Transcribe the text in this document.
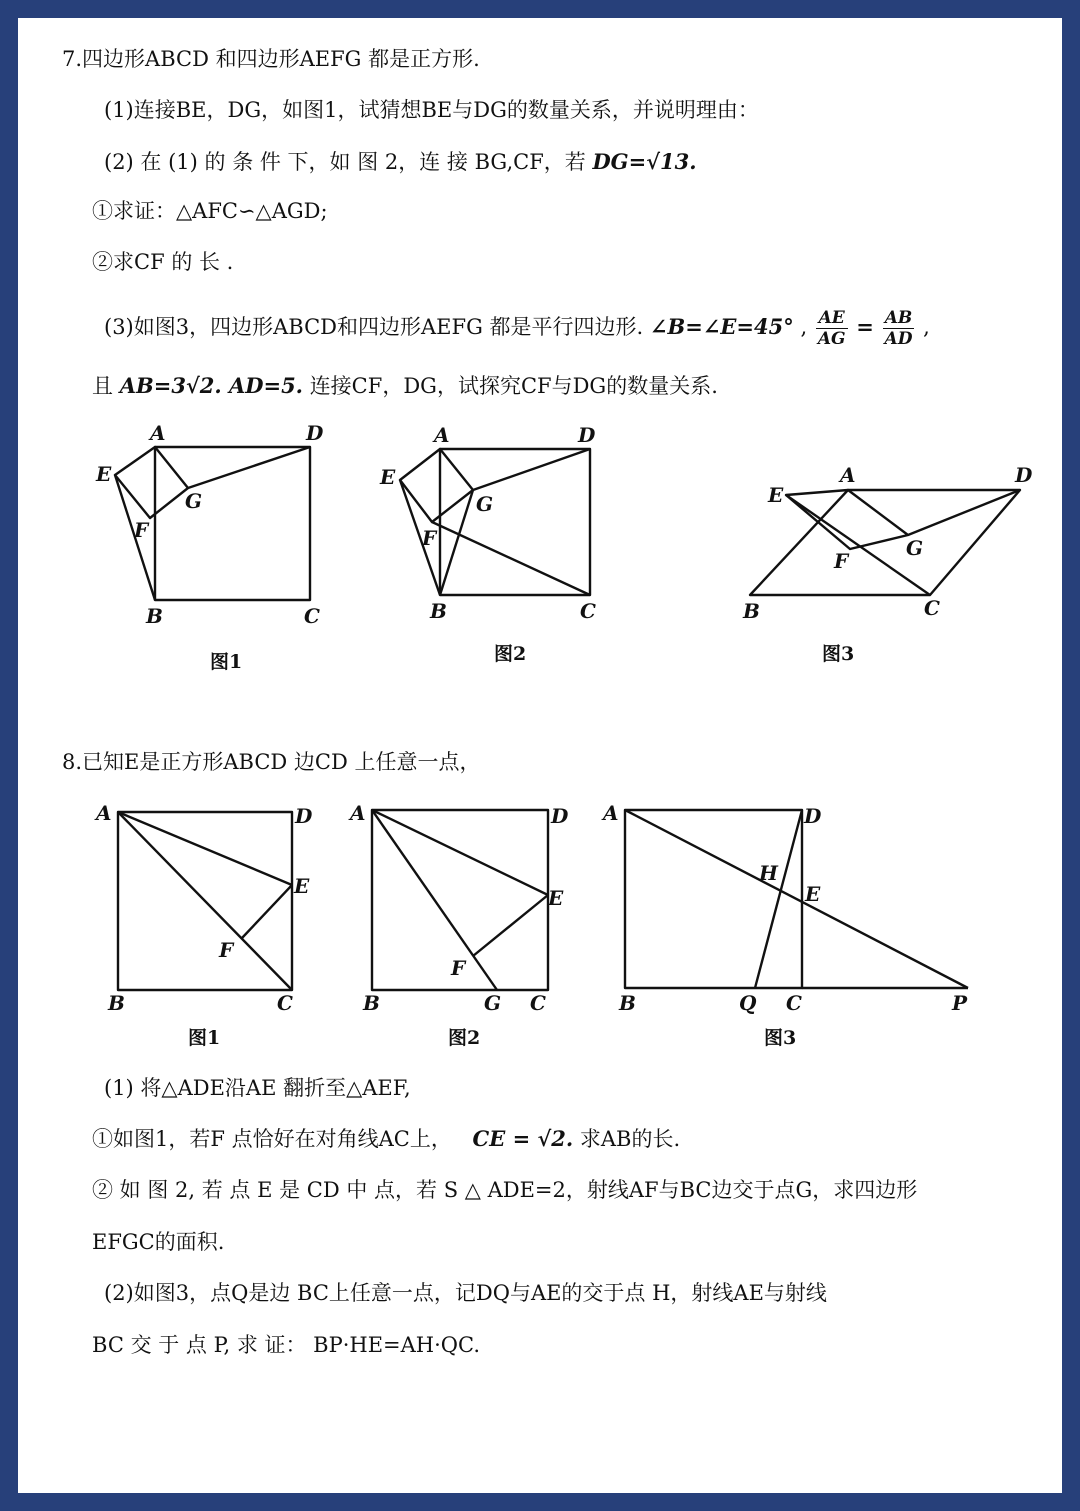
7.四边形ABCD 和四边形AEFG 都是正方形.
(1)连接BE，DG，如图1，试猜想BE与DG的数量关系，并说明理由：
(2) 在 (1) 的 条 件 下，如 图 2，连 接 BG,CF，若 DG=√13.
①求证：△AFC∽△AGD;
②求CF 的 长 .
(3)如图3，四边形ABCD和四边形AEFG 都是平行四边形. ∠B=∠E=45° , $\frac{AE}{AG} = \frac{AB}{AD}$ ,
且 AB=3√2. AD=5. 连接CF，DG，试探究CF与DG的数量关系.
A	D
E
G
F
B	C
图1
A	D
E
G
F
B	C
图2
A	D
E
G
F
B	C
图3
8.已知E是正方形ABCD 边CD 上任意一点，
A	D
E
F
B	C
图1
A	D
E
F
B	G C
图2
A	D
H
E
B	Q C	P
图3
(1) 将△ADE沿AE 翻折至△AEF,
①如图1，若F 点恰好在对角线AC上， CE = √2. 求AB的长.
② 如 图 2, 若 点 E 是 CD 中 点，若 S △ ADE=2，射线AF与BC边交于点G，求四边形
EFGC的面积.
(2)如图3，点Q是边 BC上任意一点，记DQ与AE的交于点 H，射线AE与射线
BC 交 于 点 P, 求 证： BP·HE=AH·QC.
